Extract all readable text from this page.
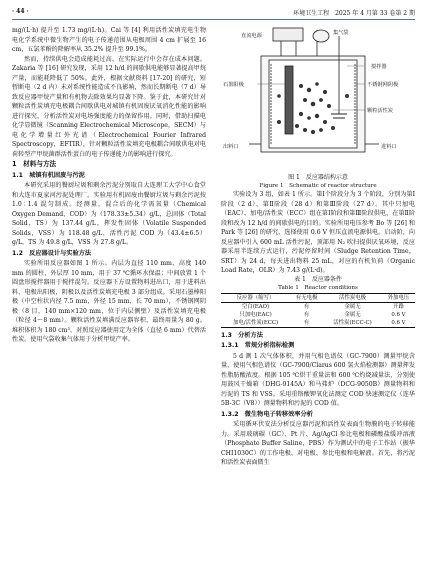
· 44 ·	环境卫生工程　2025 年 4 月第 33 卷第 2 期

mg/(L·h) 提升至 1.73 mg/(L·h)。Cai 等 [4] 利用活性炭填充电生物电化学系统中微生物产生的电子传递范围从电极周围 4 cm 扩展至 16 cm，五氯苯酚的降解率从 35.2% 提升至 99.1%。

然而，持续供电会造成能耗过高，在实际运行中会存在成本问题。Zakaria 等 [16] 研究发现，采用 12 h/d 的间歇供电能够显著提高甲烷产量，而能耗降低了 50%。此外，根据文献资料 [17-20] 的研究，短暂断电（2 d 内）未对系统性能造成不良影响，然而长期断电（7 d）导致反应器甲烷产量和有机物去除效果均显著下降。鉴于此，本研究针对颗粒活性炭填充电极耦合间歇供电对城镇有机固废厌氧消化性能的影响进行探究，分析活性炭对电场强度能力的保留作用。同时，借助扫描电化学显微镜（Scanning Electrochemical Microscope，SECM）与电化学增量红外光谱（Electrochemical Fourier Infrared Spectroscopy，EFTIR），针对颗粒活性炭填充电极耦合间歇供电对电荷转型产甲烷菌群活性蛋白的电子传递能力的影响进行探究。

1　材料与方法
1.1　城镇有机固废与污泥

本研究采用的餐厨垃圾和剩余污泥分别取自大连理工大学中心食堂和大连市夏家河污泥处理厂。实验用有机固废由餐厨垃圾与剩余污泥按 1.0∶1.4 混匀制成。经测量，混合后的化学需氧量（Chemical Oxygen Demand，COD）为（178.33±5.34）g/L，总固体（Total Solid，TS）为 137.44 g/L，挥发性固体（Volatile Suspended Solids，VSS）为 118.48 g/L，活性污泥 COD 为（43.4±6.5）g/L，TS 为 49.8 g/L，VSS 为 27.8 g/L。

1.2　反应器设计与实验方法

实验所用反应器如图 1 所示。内层为直径 110 mm、高度 140 mm 的圆柱，外层厚 10 mm，用于 37 ℃循环水保温；中间放置 1 个圆盘形搅拌器用于搅拌混匀。反应器下方设置物料进出口，用于进料出料、电极出阳极，阴极以及活性炭填充电极 3 部分组成。采用石墨棒阳极（中空柱状内径 7.5 mm，外径 15 mm，长 70 mm），不锈钢网阴极（8 目，140 mm×120 mm，位于内层侧壁）及活性炭填充电极（粒径 4～8 mm）。颗粒活性炭填满反应器容积，最终用量为 80 g。堆积体积为 180 cm³，对照反应器使用定为全体（直径 6 mm）代替活性炭。使用气袋收集气体用于分析甲烷产率。

直流电源	集气袋
搅拌器
不锈钢网阴极
石墨阳极
颗粒活性炭
出料口	进料口

图 1　反应器结构示意

Figure 1　Schematic of reactor structure

实验设为 3 组，如表 1 所示。第Ⅰ个阶段分为 3 个阶段，分别为第Ⅰ阶段（2 d）、第Ⅱ阶段（28 d）和第Ⅲ阶段（27 d）。其中只加电（EAC）、加电/活性炭（ECC）组在第Ⅰ阶段和第Ⅲ阶段供电，在第Ⅱ阶段和改为 12 h/d 的间歇供电的目的。实验所用电压参考 Bo 等 [26] 和 Park 等 [26] 的研究，选择使用 0.6 V 恒压直流电源供电。启动阶，向反应器中引入 600 mL 活性污泥，顶部用 N₂ 吹扫提供厌氧环境，反应器采用半连续方式运行，污泥停留时间（Sludge Retention Time，SRT）为 24 d，每天进出物料 25 mL，对应的有机负荷（Organic Load Rate，OLR）为 7.43 g/(L·d)。

表 1　反应器条件

Table 1　Reactor conditions

反应器（缩写）	有无电极	活性炭电极	外加电压
空白(EAO)	有	金属无	开路
只加电(EAC)	有	金属无	0.6 V
加电/活性炭(ECC)	有	活性炭(ECC-C)	0.6 V
1.3　分析方法
1.3.1　常规分析指标检测

5 d 测 1 次气体体积，并用气相色谱仪（GC-7900）测量甲烷含量，使用气相色谱仪（GC-7900/Clarus 600 氢火焰检测器）测量挥发性脂肪酸浓度。根据 105 ℃烘干重量法和 600 ℃灼烧减量法，分别使用鼓风干燥箱（DHG-9145A）和马弗炉（DCG-9050B）测量物料和污泥的 TS 和 VSS。采用重铬酸钾氧化法测定 COD 快速测定仪（连华 5B-3C（V8））测量物料和污泥的 COD 值。

1.3.2　微生物电子转移效率分析

采用循环伏安法分析反应器污泥和活性炭表面生物膜的电子转移能力。采用玻璃碳（GC）、Pt 片、Ag/AgCl 参比电极和磷酸盐缓冲溶液（Phosphate Buffer Saline，PBS）作为测试中的电子工作站（振华 CHI1030C）的工作电极、对电极、参比电极和电解液。首先，将污泥和活性炭表面微生
